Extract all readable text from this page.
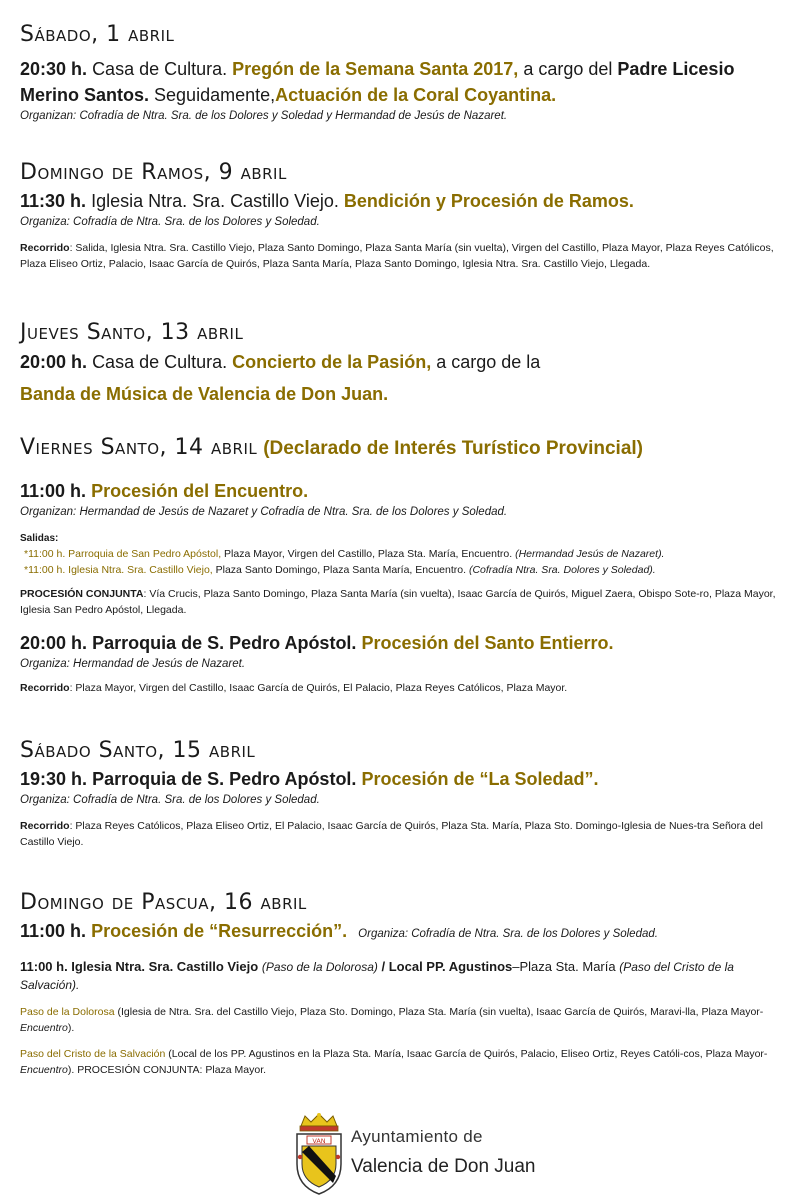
Sábado, 1 abril
20:30 h. Casa de Cultura. Pregón de la Semana Santa 2017, a cargo del Padre Licesio Merino Santos. Seguidamente,Actuación de la Coral Coyantina.
Organizan: Cofradía de Ntra. Sra. de los Dolores y Soledad y Hermandad de Jesús de Nazaret.
Domingo de Ramos, 9 abril
11:30 h. Iglesia Ntra. Sra. Castillo Viejo. Bendición y Procesión de Ramos.
Organiza: Cofradía de Ntra. Sra. de los Dolores y Soledad.
Recorrido: Salida, Iglesia Ntra. Sra. Castillo Viejo, Plaza Santo Domingo, Plaza Santa María (sin vuelta), Virgen del Castillo, Plaza Mayor, Plaza Reyes Católicos, Plaza Eliseo Ortiz, Palacio, Isaac García de Quirós, Plaza Santa María, Plaza Santo Domingo, Iglesia Ntra. Sra. Castillo Viejo, Llegada.
Jueves Santo, 13 abril
20:00 h. Casa de Cultura. Concierto de la Pasión, a cargo de la
Banda de Música de Valencia de Don Juan.
Viernes Santo, 14 abril (Declarado de Interés Turístico Provincial)
11:00 h. Procesión del Encuentro.
Organizan: Hermandad de Jesús de Nazaret y Cofradía de Ntra. Sra. de los Dolores y Soledad.
Salidas:
*11:00 h. Parroquia de San Pedro Apóstol, Plaza Mayor, Virgen del Castillo, Plaza Sta. María, Encuentro. (Hermandad Jesús de Nazaret).
*11:00 h. Iglesia Ntra. Sra. Castillo Viejo, Plaza Santo Domingo, Plaza Santa María, Encuentro. (Cofradía Ntra. Sra. Dolores y Soledad).
PROCESIÓN CONJUNTA: Vía Crucis, Plaza Santo Domingo, Plaza Santa María (sin vuelta), Isaac García de Quirós, Miguel Zaera, Obispo Sote-ro, Plaza Mayor, Iglesia San Pedro Apóstol, Llegada.
20:00 h. Parroquia de S. Pedro Apóstol. Procesión del Santo Entierro.
Organiza: Hermandad de Jesús de Nazaret.
Recorrido: Plaza Mayor, Virgen del Castillo, Isaac García de Quirós, El Palacio, Plaza Reyes Católicos, Plaza Mayor.
Sábado Santo, 15 abril
19:30 h. Parroquia de S. Pedro Apóstol. Procesión de “La Soledad”.
Organiza: Cofradía de Ntra. Sra. de los Dolores y Soledad.
Recorrido: Plaza Reyes Católicos, Plaza Eliseo Ortiz, El Palacio, Isaac García de Quirós, Plaza Sta. María, Plaza Sto. Domingo-Iglesia de Nues-tra Señora del Castillo Viejo.
Domingo de Pascua, 16 abril
11:00 h. Procesión de “Resurrección”. Organiza: Cofradía de Ntra. Sra. de los Dolores y Soledad.
11:00 h. Iglesia Ntra. Sra. Castillo Viejo (Paso de la Dolorosa) / Local PP. Agustinos–Plaza Sta. María (Paso del Cristo de la Salvación).
Paso de la Dolorosa (Iglesia de Ntra. Sra. del Castillo Viejo, Plaza Sto. Domingo, Plaza Sta. María (sin vuelta), Isaac García de Quirós, Maravi-lla, Plaza Mayor- Encuentro).
Paso del Cristo de la Salvación (Local de los PP. Agustinos en la Plaza Sta. María, Isaac García de Quirós, Palacio, Eliseo Ortiz, Reyes Católi-cos, Plaza Mayor-Encuentro). PROCESIÓN CONJUNTA: Plaza Mayor.
VAN Ayuntamiento de
Valencia de Don Juan
